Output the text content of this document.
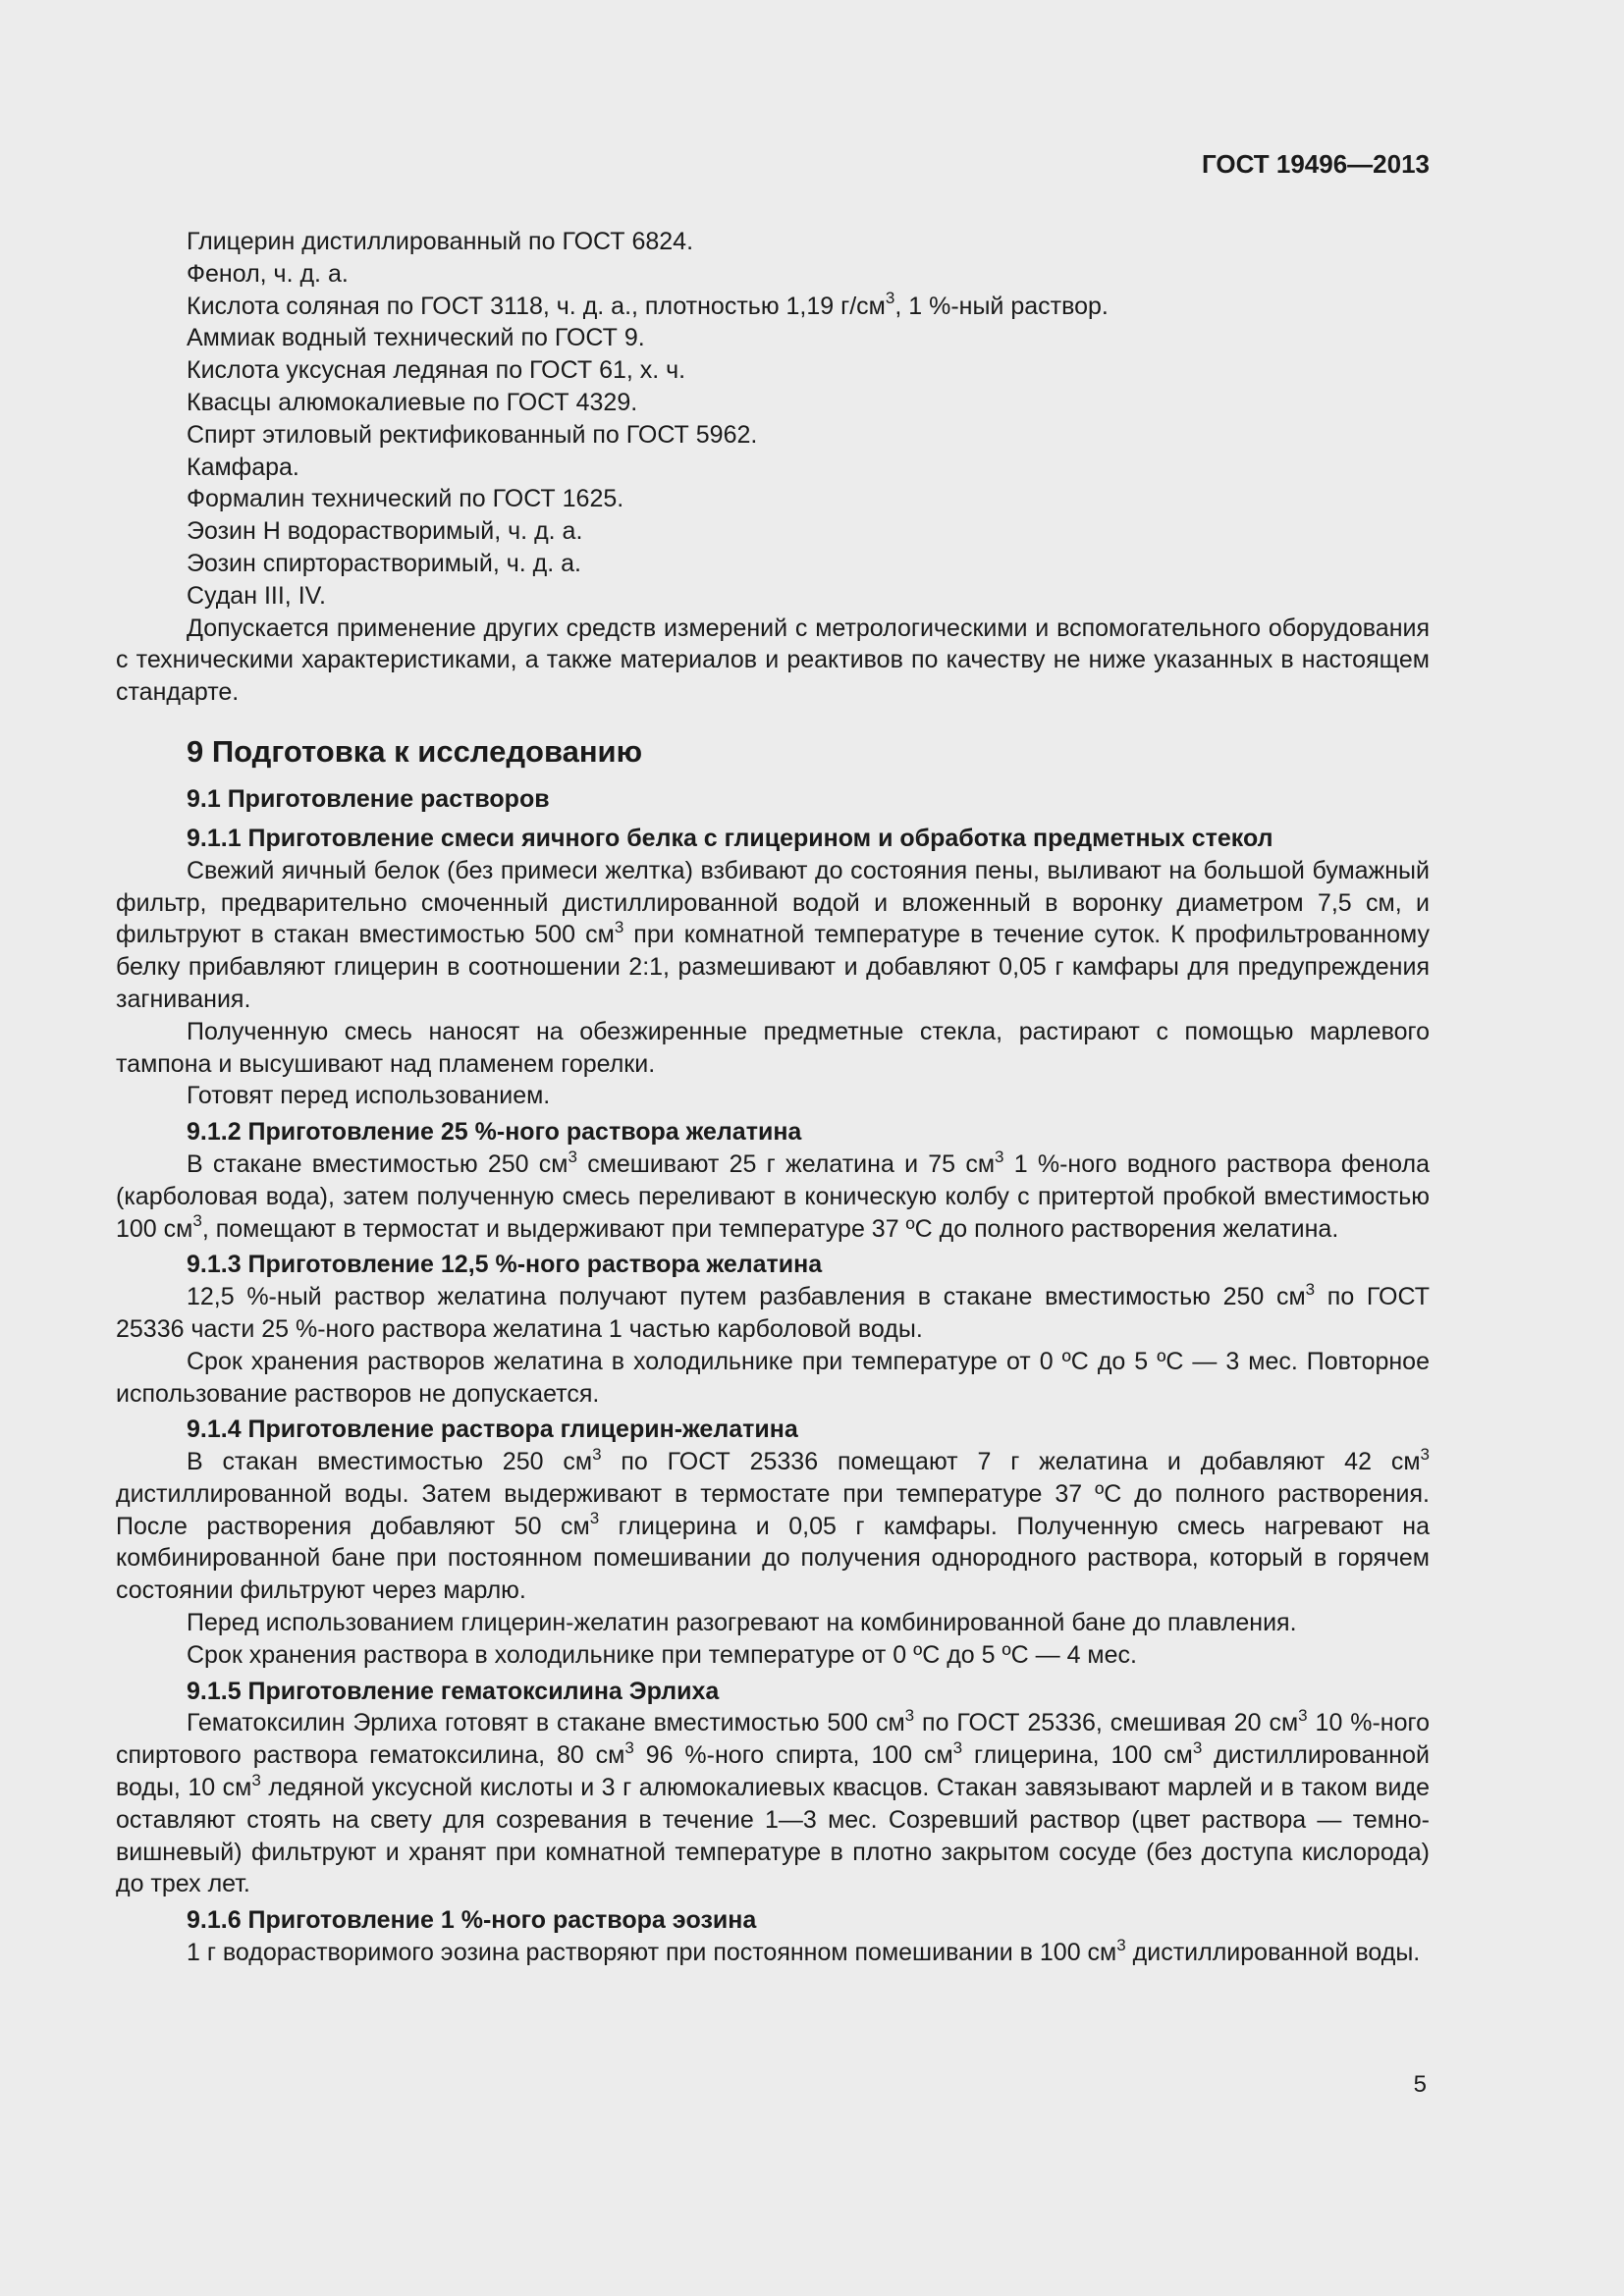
ГОСТ 19496—2013

Глицерин дистиллированный по ГОСТ 6824.

Фенол, ч. д. а.

Кислота соляная по ГОСТ 3118, ч. д. а., плотностью 1,19 $г/см^3$, 1 %-ный раствор.

Аммиак водный технический по ГОСТ 9.

Кислота уксусная ледяная по ГОСТ 61, х. ч.

Квасцы алюмокалиевые по ГОСТ 4329.

Спирт этиловый ректификованный по ГОСТ 5962.

Камфара.

Формалин технический по ГОСТ 1625.

Эозин Н водорастворимый, ч. д. а.

Эозин спирторастворимый, ч. д. а.

Судан III, IV.

Допускается применение других средств измерений с метрологическими и вспомогательного оборудования с техническими характеристиками, а также материалов и реактивов по качеству не ниже указанных в настоящем стандарте.

9 Подготовка к исследованию
9.1 Приготовление растворов
9.1.1 Приготовление смеси яичного белка с глицерином и обработка предметных стекол

Свежий яичный белок (без примеси желтка) взбивают до состояния пены, выливают на большой бумажный фильтр, предварительно смоченный дистиллированной водой и вложенный в воронку диаметром 7,5 см, и фильтруют в стакан вместимостью 500 $см^3$ при комнатной температуре в течение суток. К профильтрованному белку прибавляют глицерин в соотношении 2:1, размешивают и добавляют 0,05 г камфары для предупреждения загнивания.

Полученную смесь наносят на обезжиренные предметные стекла, растирают с помощью марлевого тампона и высушивают над пламенем горелки.

Готовят перед использованием.

9.1.2 Приготовление 25 %-ного раствора желатина

В стакане вместимостью 250 $см^3$ смешивают 25 г желатина и 75 $см^3$ 1 %-ного водного раствора фенола (карболовая вода), затем полученную смесь переливают в коническую колбу с притертой пробкой вместимостью 100 $см^3$, помещают в термостат и выдерживают при температуре 37 ºС до полного растворения желатина.

9.1.3 Приготовление 12,5 %-ного раствора желатина

12,5 %-ный раствор желатина получают путем разбавления в стакане вместимостью 250 $см^3$ по ГОСТ 25336 части 25 %-ного раствора желатина 1 частью карболовой воды.

Срок хранения растворов желатина в холодильнике при температуре от 0 ºС до 5 ºС — 3 мес. Повторное использование растворов не допускается.

9.1.4 Приготовление раствора глицерин-желатина

В стакан вместимостью 250 $см^3$ по ГОСТ 25336 помещают 7 г желатина и добавляют 42 $см^3$ дистиллированной воды. Затем выдерживают в термостате при температуре 37 ºС до полного растворения. После растворения добавляют 50 $см^3$ глицерина и 0,05 г камфары. Полученную смесь нагревают на комбинированной бане при постоянном помешивании до получения однородного раствора, который в горячем состоянии фильтруют через марлю.

Перед использованием глицерин-желатин разогревают на комбинированной бане до плавления.

Срок хранения раствора в холодильнике при температуре от 0 ºС до 5 ºС — 4 мес.

9.1.5 Приготовление гематоксилина Эрлиха

Гематоксилин Эрлиха готовят в стакане вместимостью 500 $см^3$ по ГОСТ 25336, смешивая 20 $см^3$ 10 %-ного спиртового раствора гематоксилина, 80 $см^3$ 96 %-ного спирта, 100 $см^3$ глицерина, 100 $см^3$ дистиллированной воды, 10 $см^3$ ледяной уксусной кислоты и 3 г алюмокалиевых квасцов. Стакан завязывают марлей и в таком виде оставляют стоять на свету для созревания в течение 1—3 мес. Созревший раствор (цвет раствора — темно-вишневый) фильтруют и хранят при комнатной температуре в плотно закрытом сосуде (без доступа кислорода) до трех лет.

9.1.6 Приготовление 1 %-ного раствора эозина

1 г водорастворимого эозина растворяют при постоянном помешивании в 100 $см^3$ дистиллированной воды.

5
